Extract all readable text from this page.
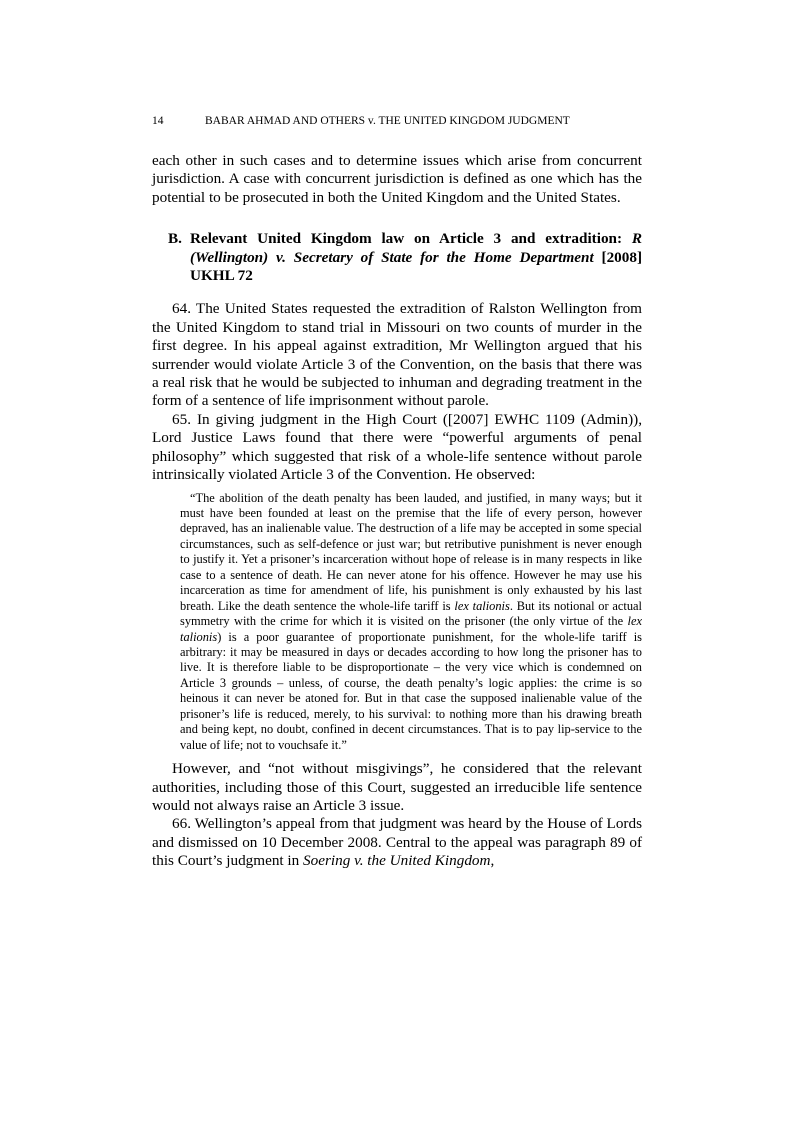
14	BABAR AHMAD AND OTHERS v. THE UNITED KINGDOM JUDGMENT

each other in such cases and to determine issues which arise from concurrent jurisdiction. A case with concurrent jurisdiction is defined as one which has the potential to be prosecuted in both the United Kingdom and the United States.

B. Relevant United Kingdom law on Article 3 and extradition: R (Wellington) v. Secretary of State for the Home Department [2008] UKHL 72

64. The United States requested the extradition of Ralston Wellington from the United Kingdom to stand trial in Missouri on two counts of murder in the first degree. In his appeal against extradition, Mr Wellington argued that his surrender would violate Article 3 of the Convention, on the basis that there was a real risk that he would be subjected to inhuman and degrading treatment in the form of a sentence of life imprisonment without parole.

65. In giving judgment in the High Court ([2007] EWHC 1109 (Admin)), Lord Justice Laws found that there were “powerful arguments of penal philosophy” which suggested that risk of a whole-life sentence without parole intrinsically violated Article 3 of the Convention. He observed:

“The abolition of the death penalty has been lauded, and justified, in many ways; but it must have been founded at least on the premise that the life of every person, however depraved, has an inalienable value. The destruction of a life may be accepted in some special circumstances, such as self-defence or just war; but retributive punishment is never enough to justify it. Yet a prisoner’s incarceration without hope of release is in many respects in like case to a sentence of death. He can never atone for his offence. However he may use his incarceration as time for amendment of life, his punishment is only exhausted by his last breath. Like the death sentence the whole-life tariff is lex talionis. But its notional or actual symmetry with the crime for which it is visited on the prisoner (the only virtue of the lex talionis) is a poor guarantee of proportionate punishment, for the whole-life tariff is arbitrary: it may be measured in days or decades according to how long the prisoner has to live. It is therefore liable to be disproportionate – the very vice which is condemned on Article 3 grounds – unless, of course, the death penalty’s logic applies: the crime is so heinous it can never be atoned for. But in that case the supposed inalienable value of the prisoner’s life is reduced, merely, to his survival: to nothing more than his drawing breath and being kept, no doubt, confined in decent circumstances. That is to pay lip-service to the value of life; not to vouchsafe it.”

However, and “not without misgivings”, he considered that the relevant authorities, including those of this Court, suggested an irreducible life sentence would not always raise an Article 3 issue.

66. Wellington’s appeal from that judgment was heard by the House of Lords and dismissed on 10 December 2008. Central to the appeal was paragraph 89 of this Court’s judgment in Soering v. the United Kingdom,
